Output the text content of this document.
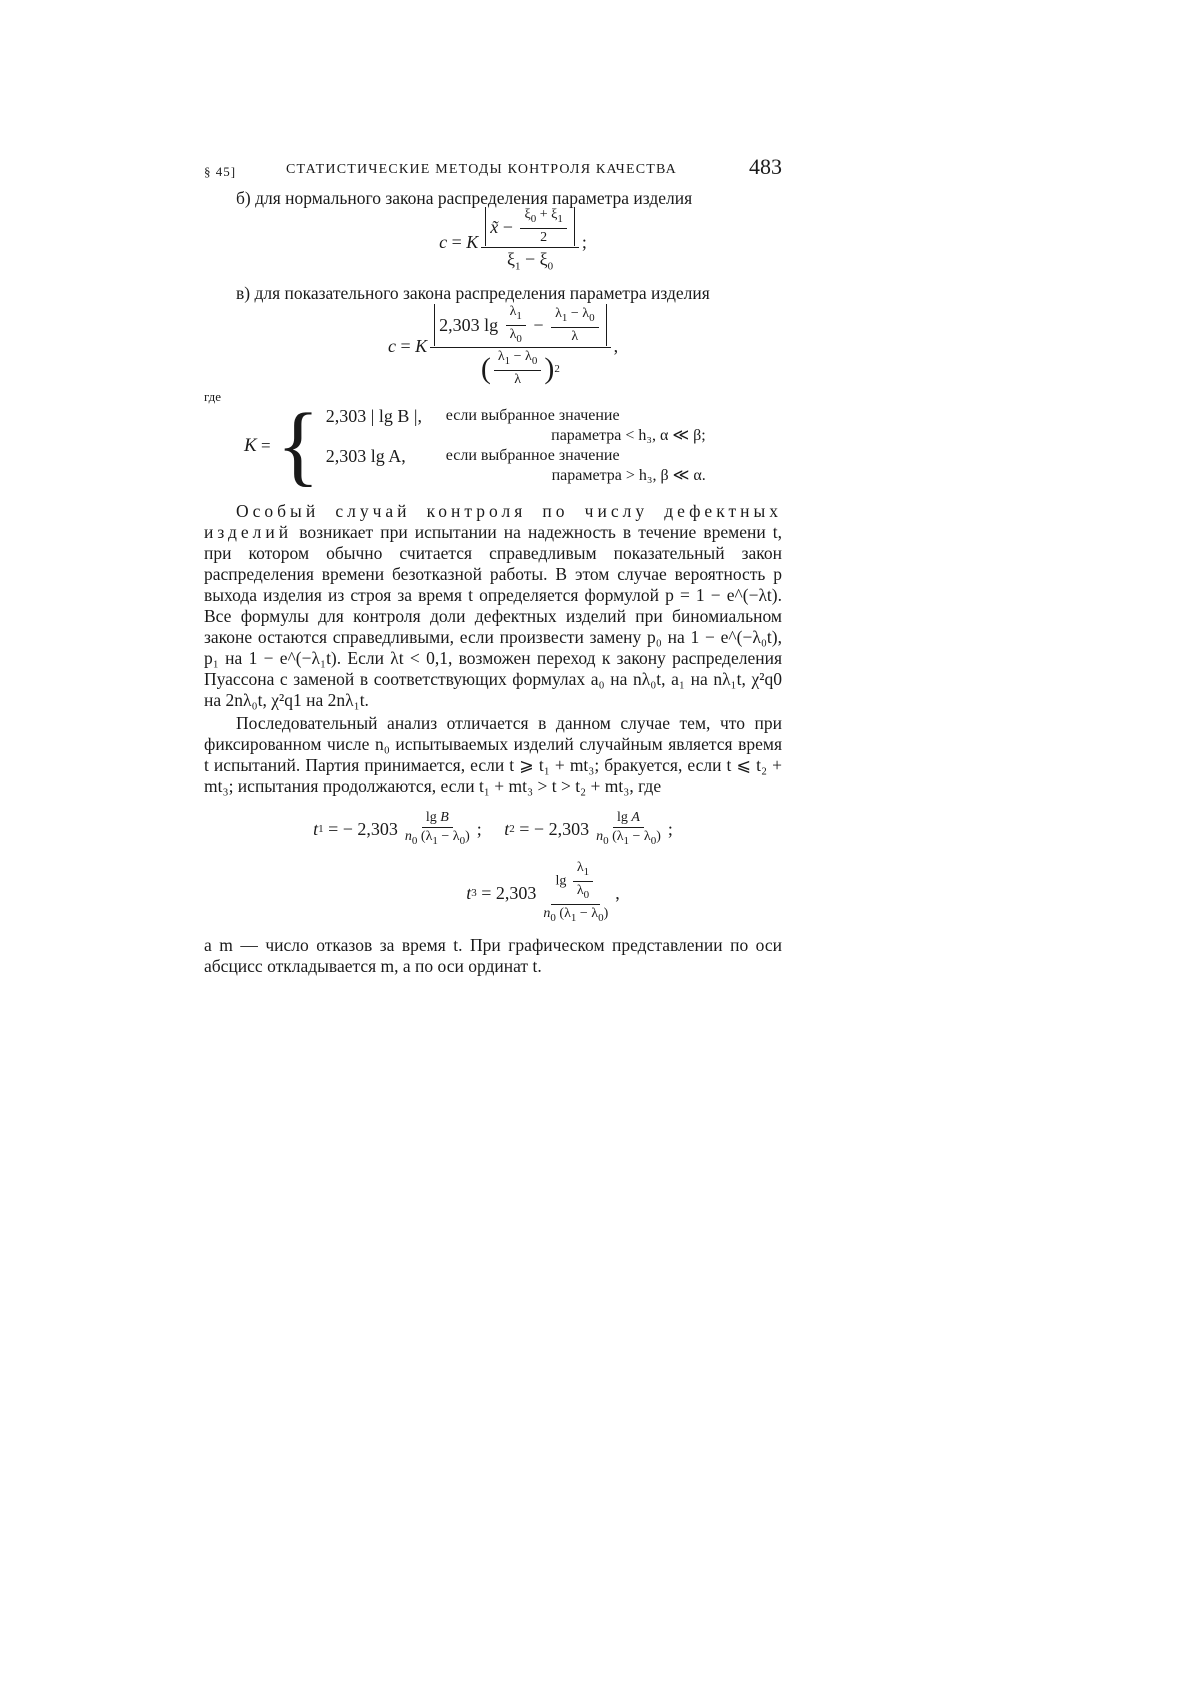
§ 45]	СТАТИСТИЧЕСКИЕ МЕТОДЫ КОНТРОЛЯ КАЧЕСТВА	483

б) для нормального закона распределения параметра изделия

c = K $\frac{x̃ - \frac{\xi_0 + \xi_1}{2}}{\xi_1 - \xi_0}$ ;

в) для показательного закона распределения параметра изделия

c = K $\frac{2,303 \lg \frac{\lambda_1}{\lambda_0} - \frac{\lambda_1 - \lambda_0}{\lambda}}{( \frac{\lambda_1 - \lambda_0}{\lambda} ) 2}$ ,

где

K = { 2,303 | lg B |,	если выбранное значение
параметра < h₃, α ≪ β;
2,303 lg A,	если выбранное значение
параметра > h₃, β ≪ α.

Особый случай контроля по числу дефектных изделий возникает при испытании на надежность в течение времени t, при котором обычно считается справедливым показательный закон распределения времени безотказной работы. В этом случае вероятность p выхода изделия из строя за время t определяется формулой p = 1 − e^(−λt). Все формулы для контроля доли дефектных изделий при биномиальном законе остаются справедливыми, если произвести замену p₀ на 1 − e^(−λ₀t), p₁ на 1 − e^(−λ₁t). Если λt < 0,1, возможен переход к закону распределения Пуассона с заменой в соответствующих формулах a₀ на nλ₀t, a₁ на nλ₁t, χ²q0 на 2nλ₀t, χ²q1 на 2nλ₁t.

Последовательный анализ отличается в данном случае тем, что при фиксированном числе n₀ испытываемых изделий случайным является время t испытаний. Партия принимается, если t ⩾ t₁ + mt₃; бракуется, если t ⩽ t₂ + mt₃; испытания продолжаются, если t₁ + mt₃ > t > t₂ + mt₃, где

t 1 = − $2,303 \frac{\text{lg B}}{n_0 (\lambda_1 - \lambda_0)}$ ; t 2 = − $2,303 \frac{\text{lg A}}{n_0 (\lambda_1 - \lambda_0)}$ ;
t $3 = 2,303 \frac{\lg \frac{\lambda_1}{\lambda_0}}{n_0 (\lambda_1 - \lambda_0)}$ ,

а m — число отказов за время t. При графическом представлении по оси абсцисс откладывается m, а по оси ординат t.
